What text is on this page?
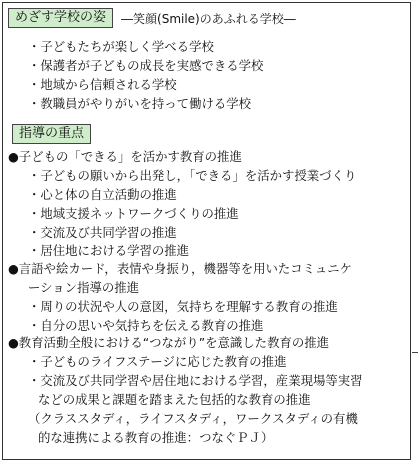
めざす学校の姿	―笑顔(Smile)のあふれる学校―
・子どもたちが楽しく学べる学校
・保護者が子どもの成長を実感できる学校
・地域から信頼される学校
・教職員がやりがいを持って働ける学校
指導の重点
●子どもの「できる」を活かす教育の推進
・子どもの願いから出発し，「できる」を活かす授業づくり
・心と体の自立活動の推進
・地域支援ネットワークづくりの推進
・交流及び共同学習の推進
・居住地における学習の推進
●言語や絵カード，表情や身振り，機器等を用いたコミュニケ
ーション指導の推進
・周りの状況や人の意図，気持ちを理解する教育の推進
・自分の思いや気持ちを伝える教育の推進
●教育活動全般における“つながり”を意識した教育の推進
・子どものライフステージに応じた教育の推進
・交流及び共同学習や居住地における学習，産業現場等実習
などの成果と課題を踏まえた包括的な教育の推進
（クラススタディ，ライフスタディ，ワークスタディの有機
的な連携による教育の推進：つなぐＰＪ）
